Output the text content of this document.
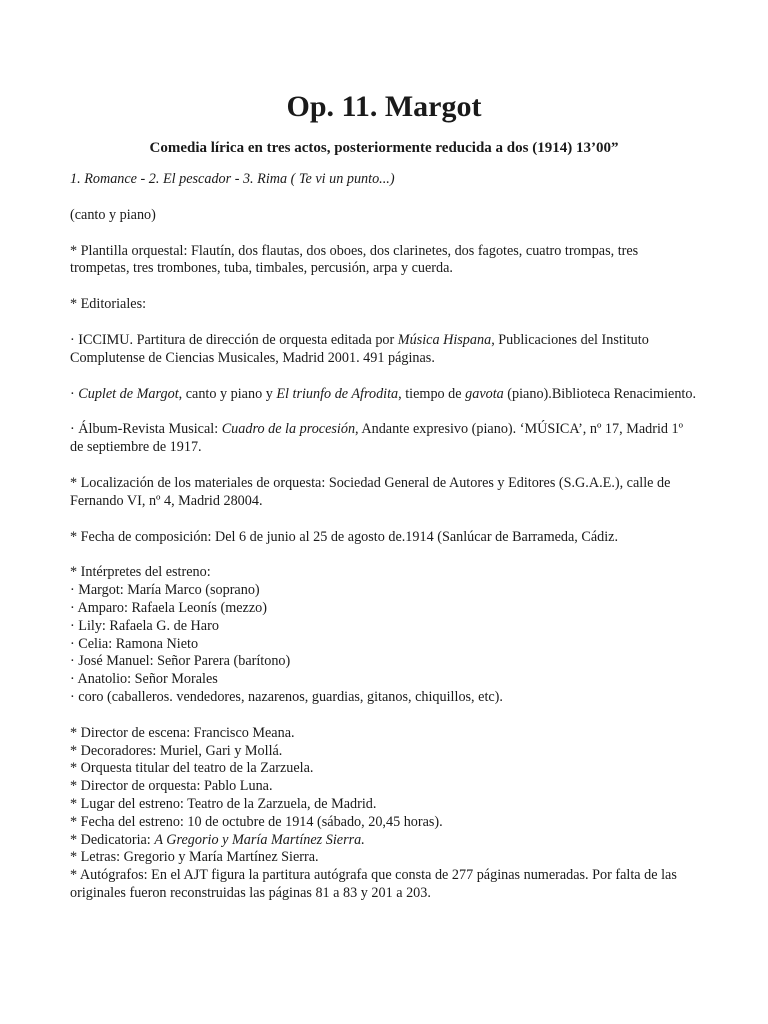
Op. 11. Margot
Comedia lírica en tres actos, posteriormente reducida a dos (1914) 13’00”

1. Romance - 2. El pescador - 3. Rima ( Te vi un punto...)

(canto y piano)

* Plantilla orquestal: Flautín, dos flautas, dos oboes, dos clarinetes, dos fagotes, cuatro trompas, tres trompetas, tres trombones, tuba, timbales, percusión, arpa y cuerda.

* Editoriales:

· ICCIMU. Partitura de dirección de orquesta editada por Música Hispana, Publicaciones del Instituto Complutense de Ciencias Musicales, Madrid 2001. 491 páginas.

· Cuplet de Margot, canto y piano y El triunfo de Afrodita, tiempo de gavota (piano).Biblioteca Renacimiento.

· Álbum-Revista Musical: Cuadro de la procesión, Andante expresivo (piano). ‘MÚSICA’, nº 17, Madrid 1º de septiembre de 1917.

* Localización de los materiales de orquesta: Sociedad General de Autores y Editores (S.G.A.E.), calle de Fernando VI, nº 4, Madrid 28004.

* Fecha de composición: Del 6 de junio al 25 de agosto de.1914 (Sanlúcar de Barrameda, Cádiz.

* Intérpretes del estreno:
· Margot: María Marco (soprano)
· Amparo: Rafaela Leonís (mezzo)
· Lily: Rafaela G. de Haro
· Celia: Ramona Nieto
· José Manuel: Señor Parera (barítono)
· Anatolio: Señor Morales
· coro (caballeros. vendedores, nazarenos, guardias, gitanos, chiquillos, etc).
* Director de escena: Francisco Meana.
* Decoradores: Muriel, Gari y Mollá.
* Orquesta titular del teatro de la Zarzuela.
* Director de orquesta: Pablo Luna.
* Lugar del estreno: Teatro de la Zarzuela, de Madrid.
* Fecha del estreno: 10 de octubre de 1914 (sábado, 20,45 horas).
* Dedicatoria: A Gregorio y María Martínez Sierra.
* Letras: Gregorio y María Martínez Sierra.
* Autógrafos: En el AJT figura la partitura autógrafa que consta de 277 páginas numeradas. Por falta de las originales fueron reconstruidas las páginas 81 a 83 y 201 a 203.
